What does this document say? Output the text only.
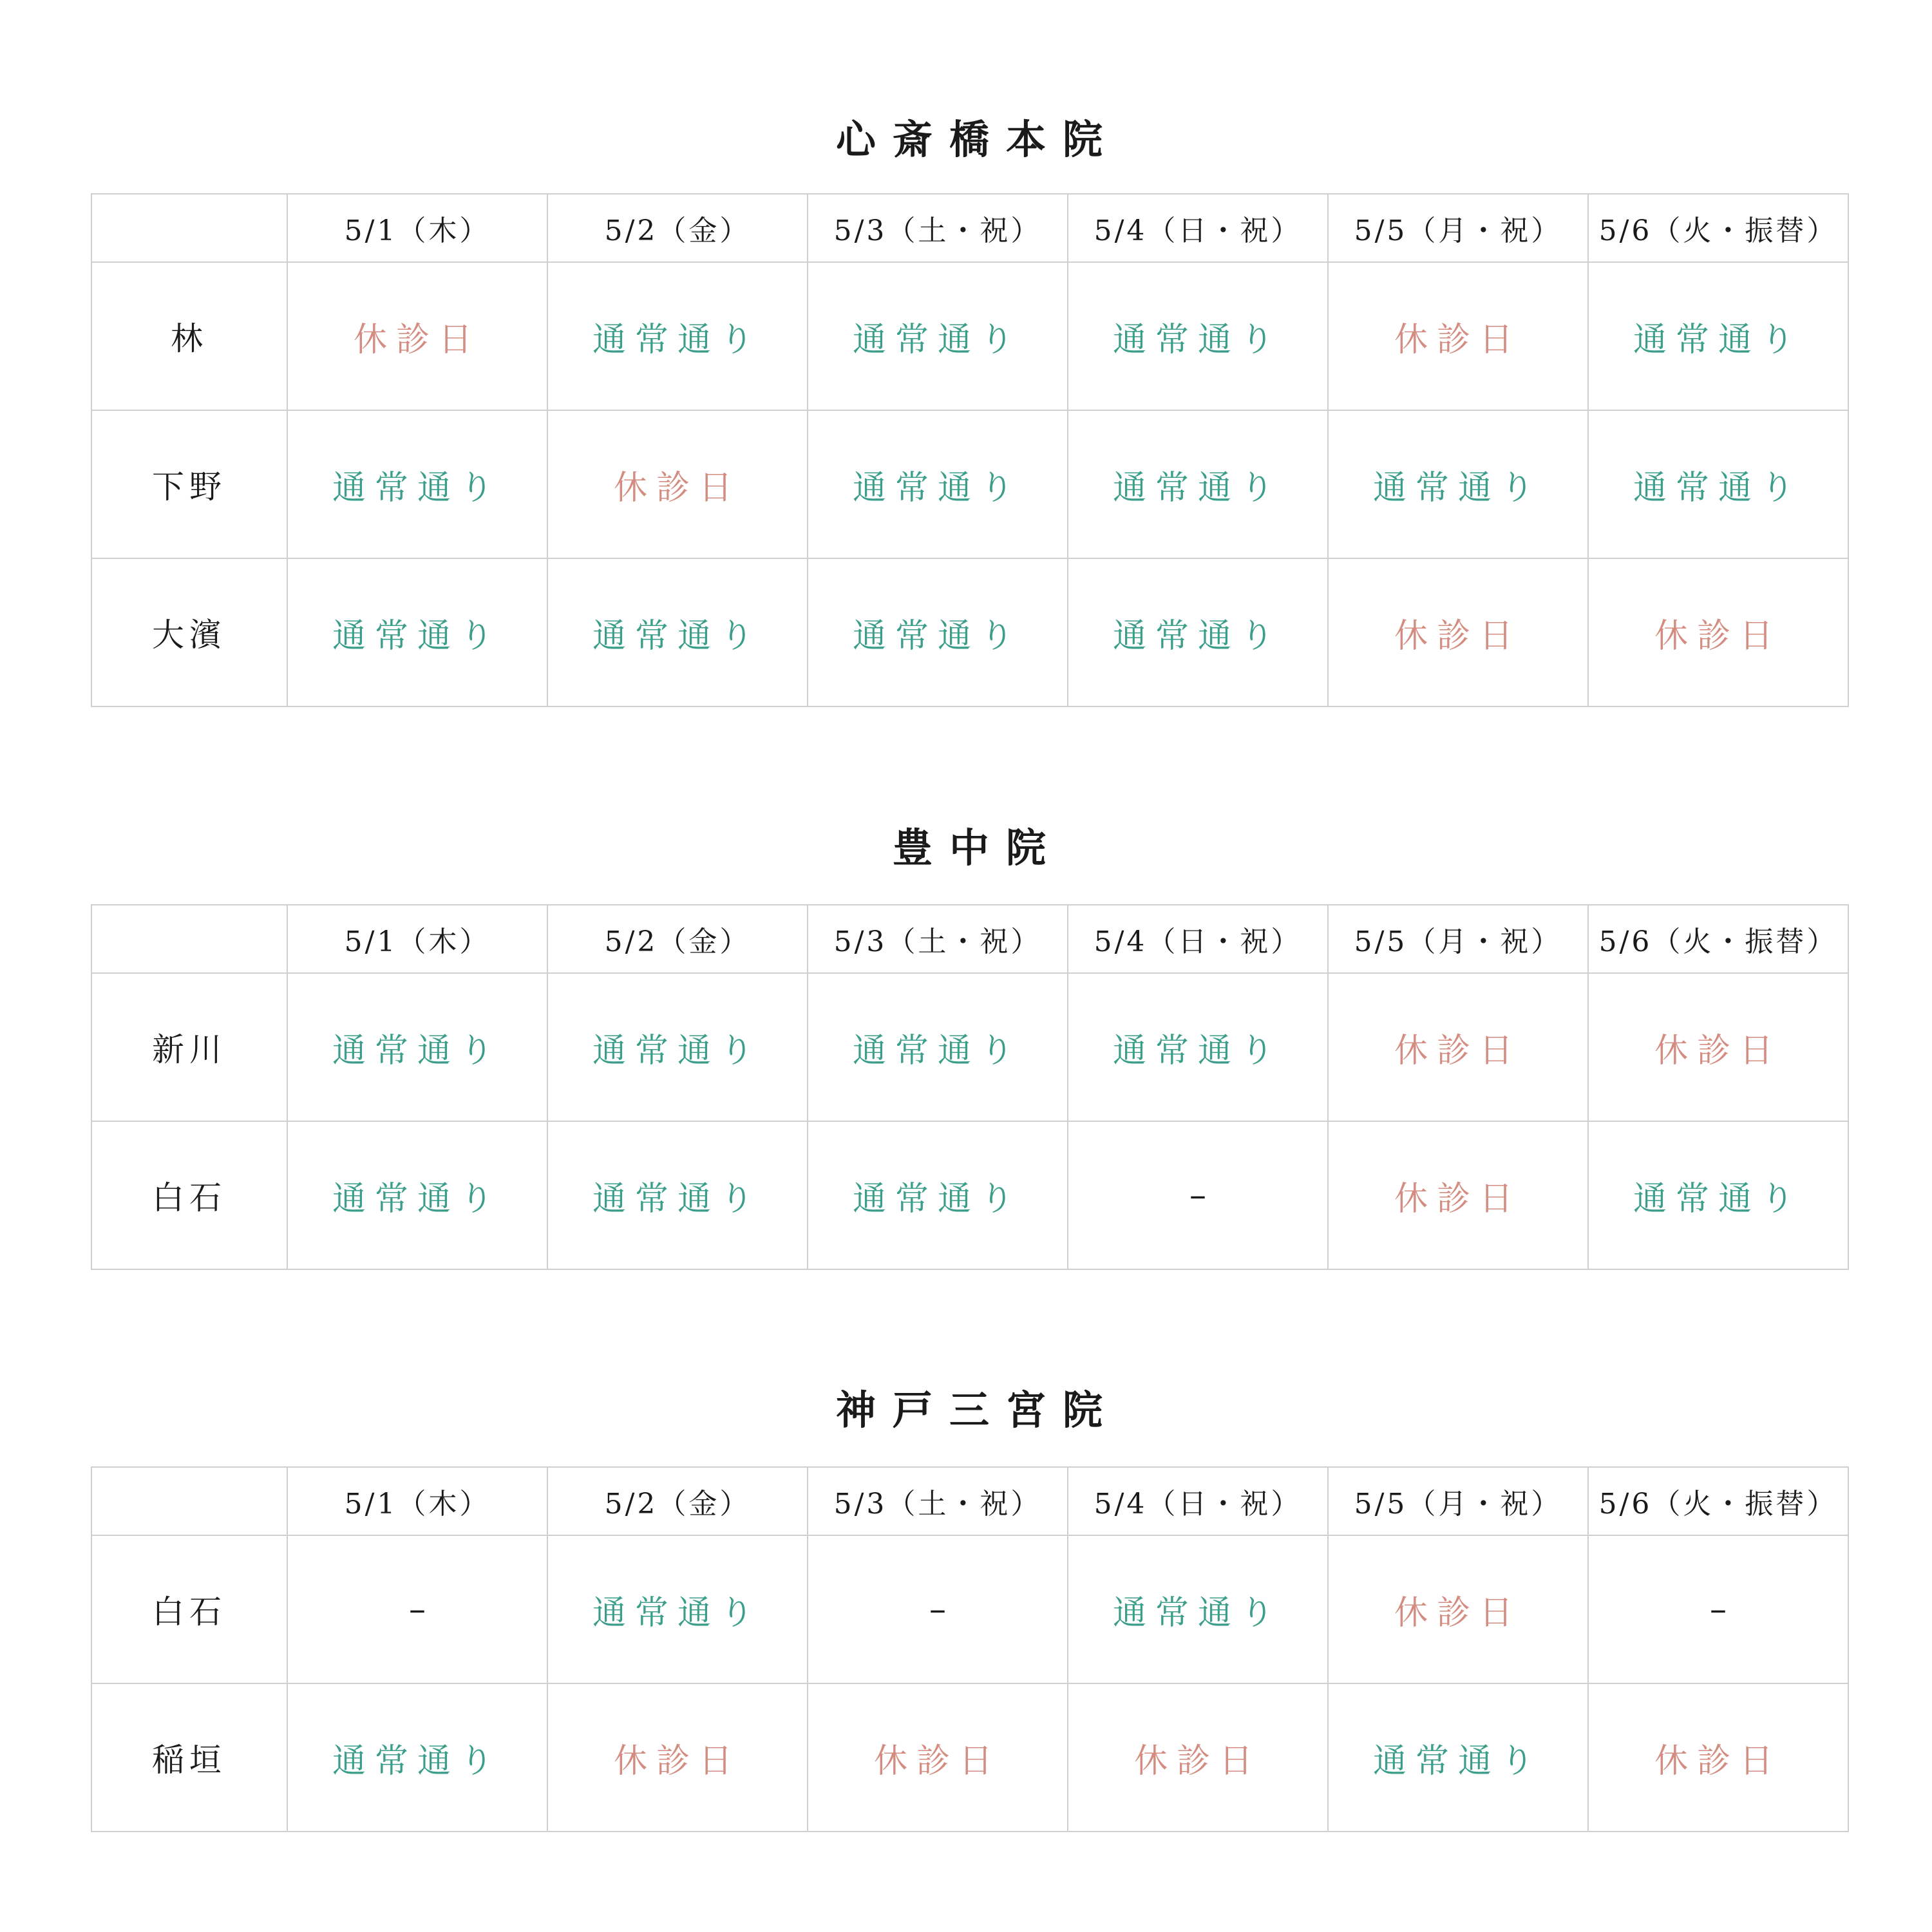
心斎橋本院
	5/1（木）	5/2（金）	5/3（土・祝）	5/4（日・祝）	5/5（月・祝）	5/6（火・振替）
林	休診日	通常通り	通常通り	通常通り	休診日	通常通り
下野	通常通り	休診日	通常通り	通常通り	通常通り	通常通り
大濱	通常通り	通常通り	通常通り	通常通り	休診日	休診日
豊中院
	5/1（木）	5/2（金）	5/3（土・祝）	5/4（日・祝）	5/5（月・祝）	5/6（火・振替）
新川	通常通り	通常通り	通常通り	通常通り	休診日	休診日
白石	通常通り	通常通り	通常通り	–	休診日	通常通り
神戸三宮院
	5/1（木）	5/2（金）	5/3（土・祝）	5/4（日・祝）	5/5（月・祝）	5/6（火・振替）
白石	–	通常通り	–	通常通り	休診日	–
稲垣	通常通り	休診日	休診日	休診日	通常通り	休診日
